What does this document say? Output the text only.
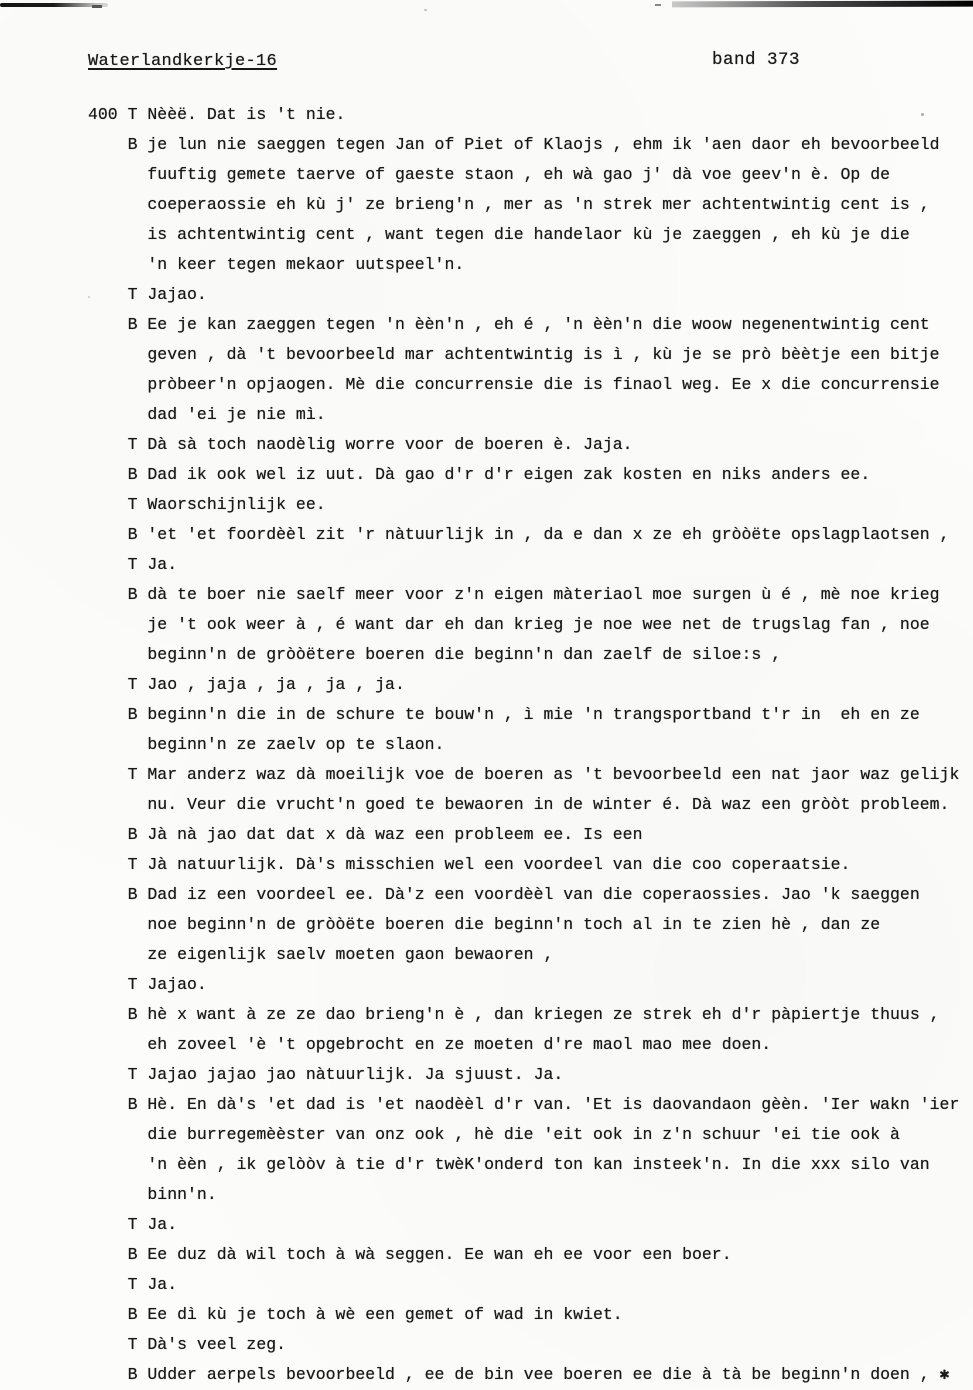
Waterlandkerkje-16	band 373
400 T Nèèë. Dat is 't nie.
B je lun nie saeggen tegen Jan of Piet of Klaojs , ehm ik 'aen daor eh bevoorbeeld
fuuftig gemete taerve of gaeste staon , eh wà gao j' dà voe geev'n è. Op de
coeperaossie eh kù j' ze brieng'n , mer as 'n strek mer achtentwintig cent is ,
is achtentwintig cent , want tegen die handelaor kù je zaeggen , eh kù je die
'n keer tegen mekaor uutspeel'n.
T Jajao.
B Ee je kan zaeggen tegen 'n èèn'n , eh é , 'n èèn'n die woow negenentwintig cent
geven , dà 't bevoorbeeld mar achtentwintig is ì , kù je se prò bèètje een bitje
pròbeer'n opjaogen. Mè die concurrensie die is finaol weg. Ee x die concurrensie
dad 'ei je nie mì.
T Dà sà toch naodèlig worre voor de boeren è. Jaja.
B Dad ik ook wel iz uut. Dà gao d'r d'r eigen zak kosten en niks anders ee.
T Waorschijnlijk ee.
B 'et 'et foordèèl zit 'r nàtuurlijk in , da e dan x ze eh gròòëte opslagplaotsen ,
T Ja.
B dà te boer nie saelf meer voor z'n eigen màteriaol moe surgen ù é , mè noe krieg
je 't ook weer à , é want dar eh dan krieg je noe wee net de trugslag fan , noe
beginn'n de gròòëtere boeren die beginn'n dan zaelf de siloe:s ,
T Jao , jaja , ja , ja , ja.
B beginn'n die in de schure te bouw'n , ì mie 'n trangsportband t'r in  eh en ze
beginn'n ze zaelv op te slaon.
T Mar anderz waz dà moeilijk voe de boeren as 't bevoorbeeld een nat jaor waz gelijk
nu. Veur die vrucht'n goed te bewaoren in de winter é. Dà waz een gròòt probleem.
B Jà nà jao dat dat x dà waz een probleem ee. Is een
T Jà natuurlijk. Dà's misschien wel een voordeel van die coo coperaatsie.
B Dad iz een voordeel ee. Dà'z een voordèèl van die coperaossies. Jao 'k saeggen
noe beginn'n de gròòëte boeren die beginn'n toch al in te zien hè , dan ze
ze eigenlijk saelv moeten gaon bewaoren ,
T Jajao.
B hè x want à ze ze dao brieng'n è , dan kriegen ze strek eh d'r pàpiertje thuus ,
eh zoveel 'è 't opgebrocht en ze moeten d're maol mao mee doen.
T Jajao jajao jao nàtuurlijk. Ja sjuust. Ja.
B Hè. En dà's 'et dad is 'et naodèèl d'r van. 'Et is daovandaon gèèn. 'Ier wakn 'ier
die burregemèèster van onz ook , hè die 'eit ook in z'n schuur 'ei tie ook à
'n èèn , ik gelòòv à tie d'r twèK'onderd ton kan insteek'n. In die xxx silo van
binn'n.
T Ja.
B Ee duz dà wil toch à wà seggen. Ee wan eh ee voor een boer.
T Ja.
B Ee dì kù je toch à wè een gemet of wad in kwiet.
T Dà's veel zeg.
B Udder aerpels bevoorbeeld , ee de bin vee boeren ee die à tà be beginn'n doen , ✱
